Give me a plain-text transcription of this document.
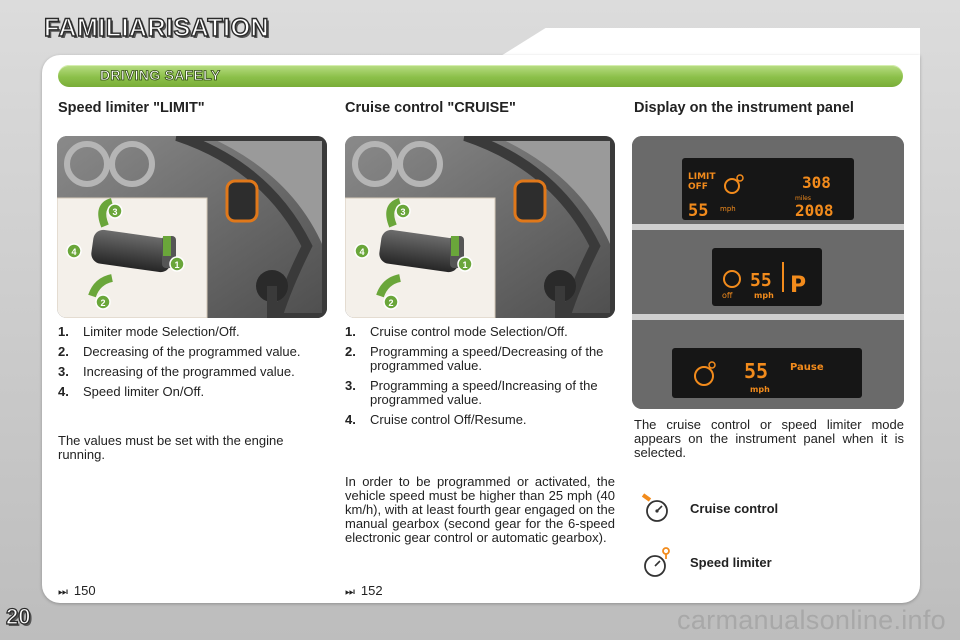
FAMILIARISATION
DRIVING SAFELY
Speed limiter "LIMIT"	Cruise control "CRUISE"	Display on the instrument panel
3
1
2
4
3
1
2
4
LIMIT
OFF
55 mph
308
miles
2008
55
mph
off	P
55
mph
Pause
1.	Limiter mode Selection/Off.
2.	Decreasing of the programmed value.
3.	Increasing of the programmed value.
4.	Speed limiter On/Off.
The values must be set with the engine running.
1.	Cruise control mode Selection/Off.
2.	Programming a speed/Decreasing of the programmed value.
3.	Programming a speed/Increasing of the programmed value.
4.	Cruise control Off/Resume.
In order to be programmed or activated, the vehicle speed must be higher than 25 mph (40 km/h), with at least fourth gear engaged on the manual gearbox (second gear for the 6-speed electronic gear control or automatic gearbox).
The cruise control or speed limiter mode appears on the instrument panel when it is selected.
Cruise control
Speed limiter
⏭ 150	⏭ 152
20	carmanualsonline.info
